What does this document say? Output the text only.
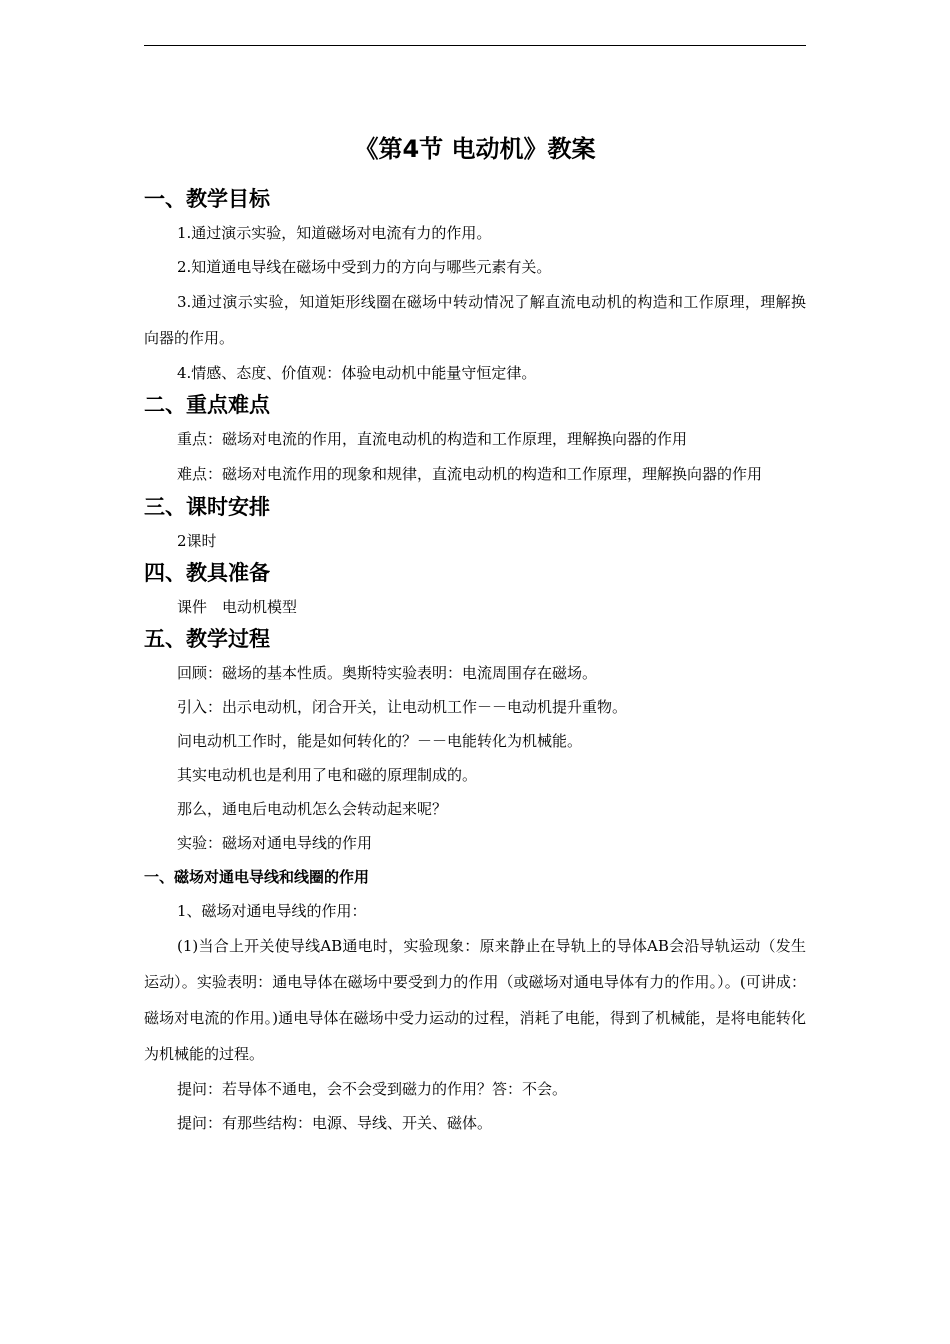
《第4节 电动机》教案
一、教学目标
1.通过演示实验，知道磁场对电流有力的作用。
2.知道通电导线在磁场中受到力的方向与哪些元素有关。
3.通过演示实验，知道矩形线圈在磁场中转动情况了解直流电动机的构造和工作原理，理解换向器的作用。
4.情感、态度、价值观：体验电动机中能量守恒定律。
二、重点难点
重点：磁场对电流的作用，直流电动机的构造和工作原理，理解换向器的作用
难点：磁场对电流作用的现象和规律，直流电动机的构造和工作原理，理解换向器的作用
三、课时安排
2课时
四、教具准备
课件　电动机模型
五、教学过程
回顾：磁场的基本性质。奥斯特实验表明：电流周围存在磁场。
引入：出示电动机，闭合开关，让电动机工作－－电动机提升重物。
问电动机工作时，能是如何转化的？－－电能转化为机械能。
其实电动机也是利用了电和磁的原理制成的。
那么，通电后电动机怎么会转动起来呢？
实验：磁场对通电导线的作用
一、磁场对通电导线和线圈的作用
1、磁场对通电导线的作用：
(1)当合上开关使导线AB通电时，实验现象：原来静止在导轨上的导体AB会沿导轨运动（发生运动）。实验表明：通电导体在磁场中要受到力的作用（或磁场对通电导体有力的作用。）。(可讲成：磁场对电流的作用。)通电导体在磁场中受力运动的过程，消耗了电能，得到了机械能，是将电能转化为机械能的过程。
提问：若导体不通电，会不会受到磁力的作用？答：不会。
提问：有那些结构：电源、导线、开关、磁体。
